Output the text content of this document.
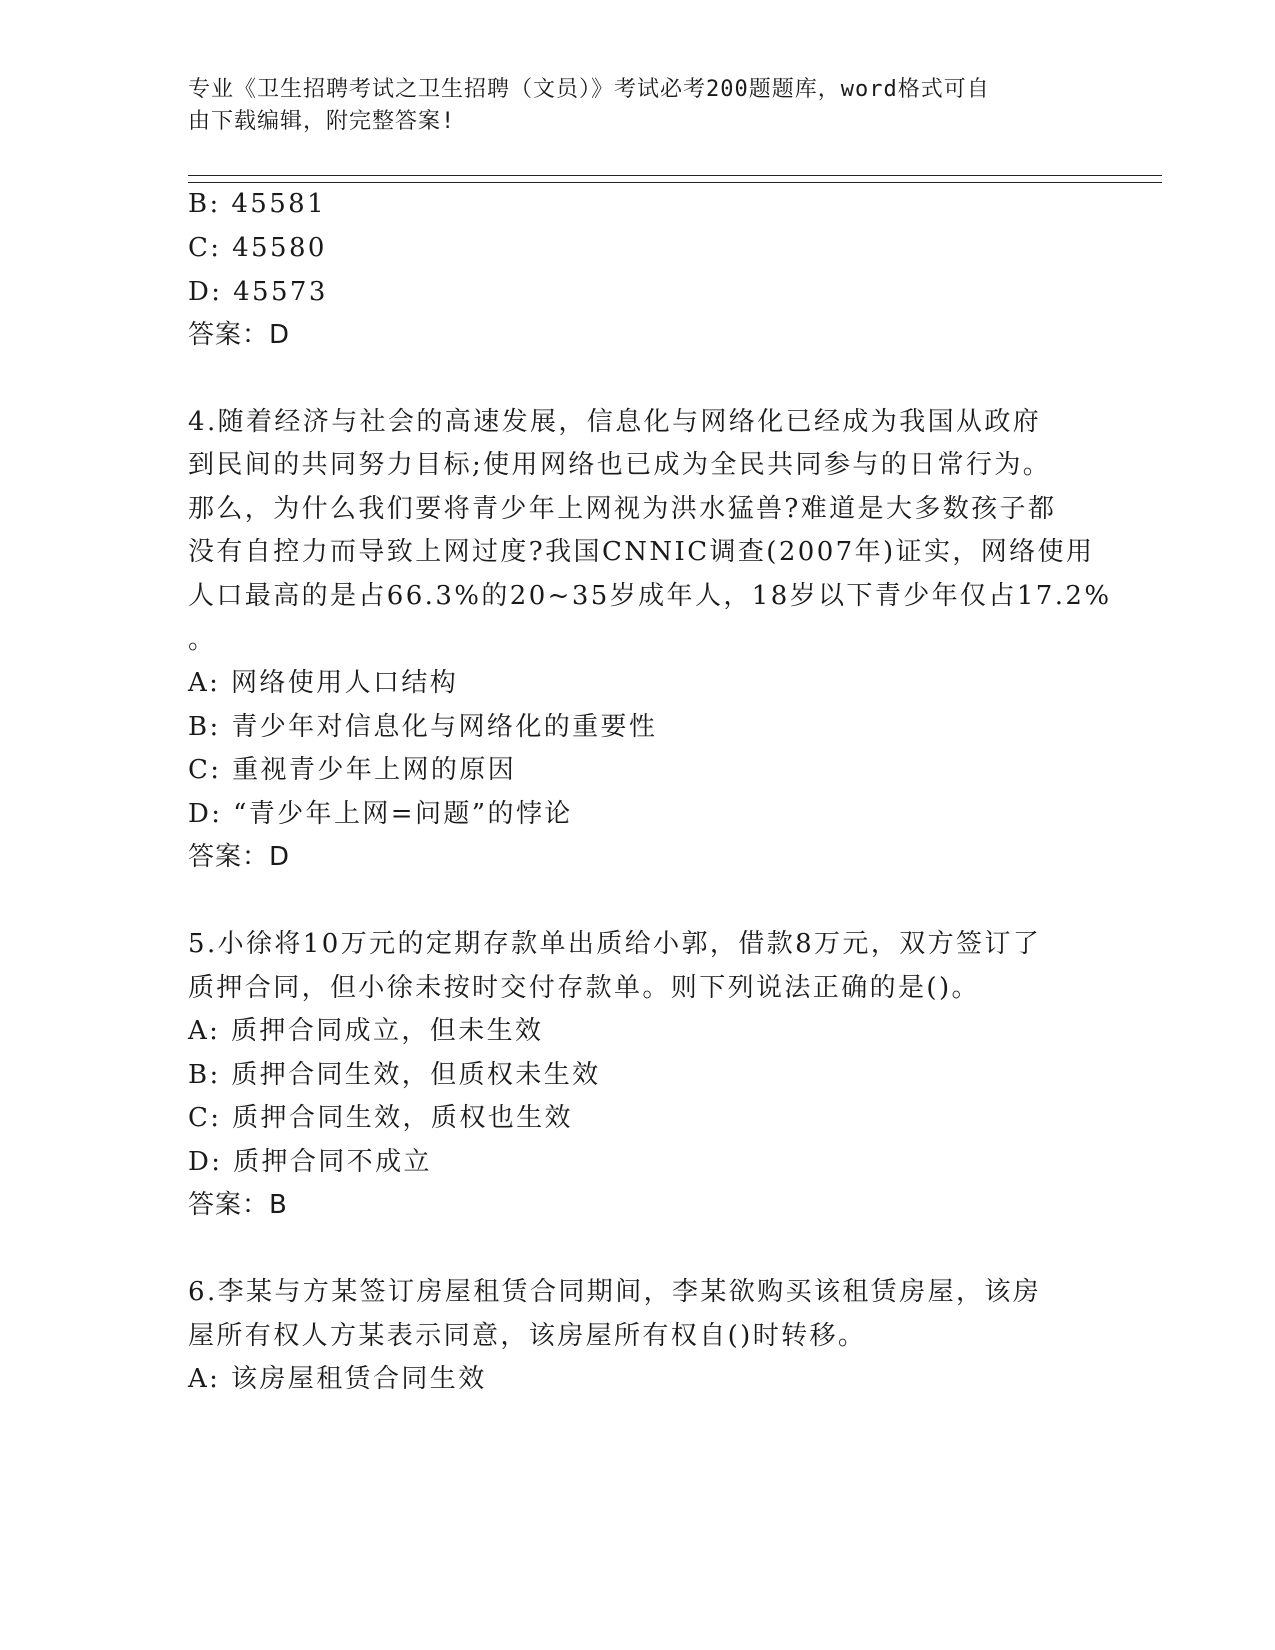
专业《卫生招聘考试之卫生招聘（文员）》考试必考200题题库，word格式可自
由下载编辑，附完整答案!
B: 45581
C: 45580
D: 45573
答案：D
4.随着经济与社会的高速发展，信息化与网络化已经成为我国从政府
到民间的共同努力目标;使用网络也已成为全民共同参与的日常行为。
那么，为什么我们要将青少年上网视为洪水猛兽?难道是大多数孩子都
没有自控力而导致上网过度?我国CNNIC调查(2007年)证实，网络使用
人口最高的是占66.3%的20~35岁成年人，18岁以下青少年仅占17.2%
。
A: 网络使用人口结构
B: 青少年对信息化与网络化的重要性
C: 重视青少年上网的原因
D: “青少年上网=问题”的悖论
答案：D
5.小徐将10万元的定期存款单出质给小郭，借款8万元，双方签订了
质押合同，但小徐未按时交付存款单。则下列说法正确的是()。
A: 质押合同成立，但未生效
B: 质押合同生效，但质权未生效
C: 质押合同生效，质权也生效
D: 质押合同不成立
答案：B
6.李某与方某签订房屋租赁合同期间，李某欲购买该租赁房屋，该房
屋所有权人方某表示同意，该房屋所有权自()时转移。
A: 该房屋租赁合同生效
